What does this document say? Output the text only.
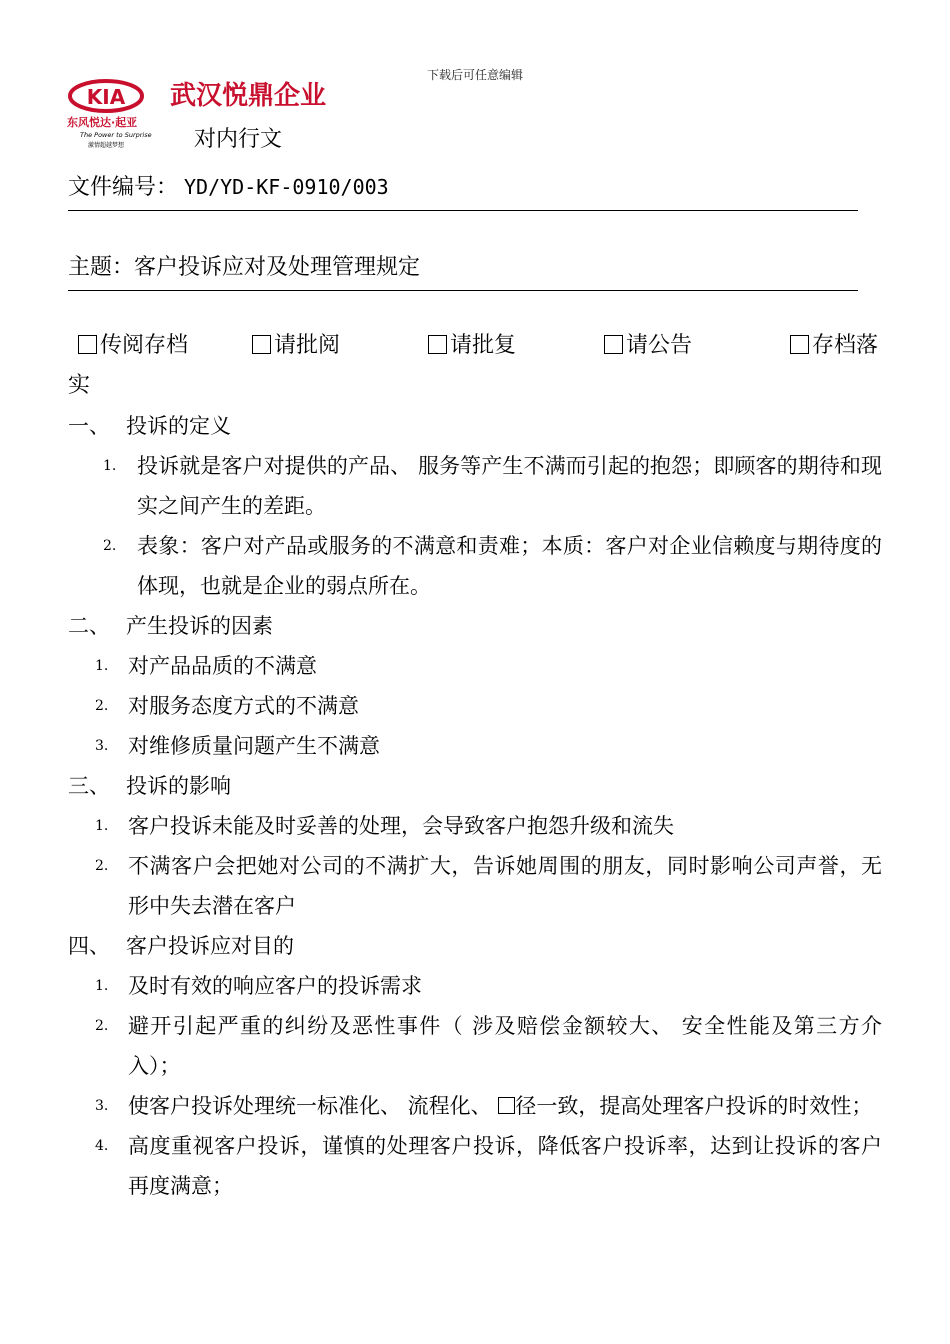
下载后可任意编辑
KIA 武汉悦鼎企业
东风悦达·起亚
The Power to Surprise
激情超越梦想	对内行文
文件编号： YD/YD-KF-0910/003
主题：客户投诉应对及处理管理规定
传阅存档	请批阅	请批复	请公告	存档落
实
一、 投诉的定义
1. 投诉就是客户对提供的产品、 服务等产生不满而引起的抱怨；即顾客的期待和现实之间产生的差距。
2. 表象：客户对产品或服务的不满意和责难；本质：客户对企业信赖度与期待度的体现，也就是企业的弱点所在。
二、 产生投诉的因素
1. 对产品品质的不满意
2. 对服务态度方式的不满意
3. 对维修质量问题产生不满意
三、 投诉的影响
1. 客户投诉未能及时妥善的处理，会导致客户抱怨升级和流失
2. 不满客户会把她对公司的不满扩大，告诉她周围的朋友，同时影响公司声誉，无形中失去潜在客户
四、 客户投诉应对目的
1. 及时有效的响应客户的投诉需求
2. 避开引起严重的纠纷及恶性事件（ 涉及赔偿金额较大、 安全性能及第三方介入）；
3. 使客户投诉处理统一标准化、 流程化、 径一致，提高处理客户投诉的时效性；
4. 高度重视客户投诉，谨慎的处理客户投诉，降低客户投诉率，达到让投诉的客户再度满意；
